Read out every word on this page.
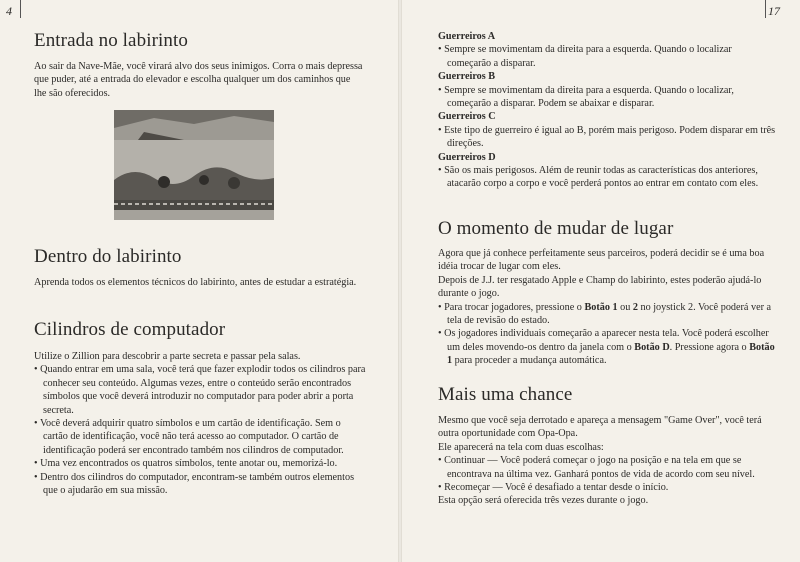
4
Entrada no labirinto

Ao sair da Nave-Mãe, você virará alvo dos seus inimigos. Corra o mais depressa que puder, até a entrada do elevador e escolha qualquer um dos caminhos que lhe são oferecidos.

Dentro do labirinto

Aprenda todos os elementos técnicos do labirinto, antes de estudar a estratégia.

Cilindros de computador

Utilize o Zillion para descobrir a parte secreta e passar pela salas.

• Quando entrar em uma sala, você terá que fazer explodir todos os cilindros para conhecer seu conteúdo. Algumas vezes, entre o conteúdo serão encontrados símbolos que você deverá introduzir no computador para poder abrir a porta secreta.

• Você deverá adquirir quatro símbolos e um cartão de identificação. Sem o cartão de identificação, você não terá acesso ao computador. O cartão de identificação poderá ser encontrado também nos cilindros de computador.

• Uma vez encontrados os quatros símbolos, tente anotar ou, memorizá-lo.

• Dentro dos cilindros do computador, encontram-se também outros elementos que o ajudarão em sua missão.

17
Guerreiros A

• Sempre se movimentam da direita para a esquerda. Quando o localizar começarão a disparar.

Guerreiros B

• Sempre se movimentam da direita para a esquerda. Quando o localizar, começarão a disparar. Podem se abaixar e disparar.

Guerreiros C

• Este tipo de guerreiro é igual ao B, porém mais perigoso. Podem disparar em três direções.

Guerreiros D

• São os mais perigosos. Além de reunir todas as características dos anteriores, atacarão corpo a corpo e você perderá pontos ao entrar em contato com eles.

O momento de mudar de lugar

Agora que já conhece perfeitamente seus parceiros, poderá decidir se é uma boa idéia trocar de lugar com eles.

Depois de J.J. ter resgatado Apple e Champ do labirinto, estes poderão ajudá-lo durante o jogo.

• Para trocar jogadores, pressione o Botão 1 ou 2 no joystick 2. Você poderá ver a tela de revisão do estado.

• Os jogadores individuais começarão a aparecer nesta tela. Você poderá escolher um deles movendo-os dentro da janela com o Botão D. Pressione agora o Botão 1 para proceder a mudança automática.

Mais uma chance

Mesmo que você seja derrotado e apareça a mensagem "Game Over", você terá outra oportunidade com Opa-Opa.

Ele aparecerá na tela com duas escolhas:

• Continuar — Você poderá começar o jogo na posição e na tela em que se encontrava na última vez. Ganhará pontos de vida de acordo com seu nível.

• Recomeçar — Você é desafiado a tentar desde o início.

Esta opção será oferecida três vezes durante o jogo.
